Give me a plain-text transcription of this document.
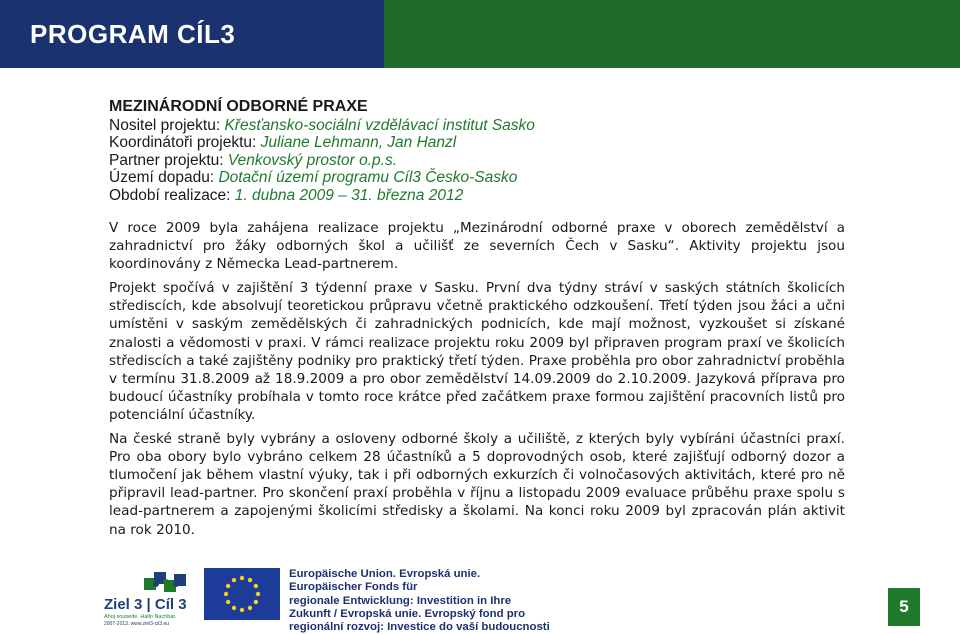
PROGRAM CÍL3
MEZINÁRODNÍ ODBORNÉ PRAXE
Nositel projektu: Křesťansko-sociální vzdělávací institut Sasko
Koordinátoři projektu: Juliane Lehmann, Jan Hanzl
Partner projektu: Venkovský prostor o.p.s.
Území dopadu: Dotační území programu Cíl3 Česko-Sasko
Období realizace: 1. dubna 2009 – 31. března 2012

V roce 2009 byla zahájena realizace projektu „Mezinárodní odborné praxe v oborech zemědělství a zahradnictví pro žáky odborných škol a učilišť ze severních Čech v Sasku“. Aktivity projektu jsou koordinovány z Německa Lead-partnerem.

Projekt spočívá v zajištění 3 týdenní praxe v Sasku. První dva týdny stráví v saských státních školicích střediscích, kde absolvují teoretickou průpravu včetně praktického odzkoušení. Třetí týden jsou žáci a učni umístěni v saským zemědělských či zahradnických podnicích, kde mají možnost, vyzkoušet si získané znalosti a vědomosti v praxi. V rámci realizace projektu roku 2009 byl připraven program praxí ve školicích střediscích a také zajištěny podniky pro praktický třetí týden. Praxe proběhla pro obor zahradnictví proběhla v termínu 31.8.2009 až 18.9.2009 a pro obor zemědělství 14.09.2009 do 2.10.2009. Jazyková příprava pro budoucí účastníky probíhala v tomto roce krátce před začátkem praxe formou zajištění pracovních listů pro potenciální účastníky.

Na české straně byly vybrány a osloveny odborné školy a učiliště, z kterých byly vybíráni účastníci praxí. Pro oba obory bylo vybráno celkem 28 účastníků a 5 doprovodných osob, které zajišťují odborný dozor a tlumočení jak během vlastní výuky, tak i při odborných exkurzích či volnočasových aktivitách, které pro ně připravil lead-partner. Pro skončení praxí proběhla v říjnu a listopadu 2009 evaluace průběhu praxe spolu s lead-partnerem a zapojenými školicími středisky a školami. Na konci roku 2009 byl zpracován plán aktivit na rok 2010.

Ziel 3 | Cíl 3
Ahoj sousede. Hallo Nachbar.
2007-2013. www.ziel3-cil3.eu
Europäische Union. Evropská unie.
Europäischer Fonds für
regionale Entwicklung: Investition in Ihre
Zukunft / Evropská unie. Evropský fond pro
regionální rozvoj: Investice do vaší budoucnosti
5
